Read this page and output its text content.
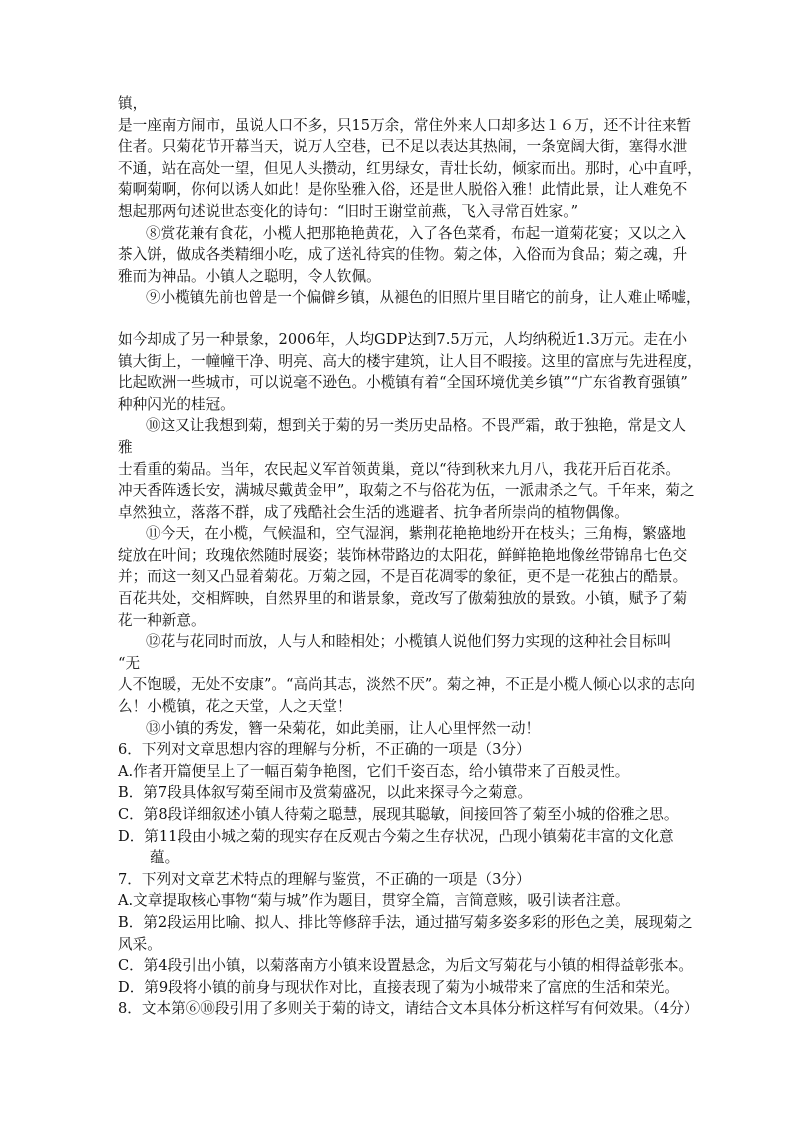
镇，
是一座南方闹市，虽说人口不多，只15万余，常住外来人口却多达１６万，还不计往来暂
住者。只菊花节开幕当天，说万人空巷，已不足以表达其热闹，一条宽阔大街，塞得水泄
不通，站在高处一望，但见人头攒动，红男绿女，青壮长幼，倾家而出。那时，心中直呼，
菊啊菊啊，你何以诱人如此！是你坠雅入俗，还是世人脱俗入雅！此情此景，让人难免不
想起那两句述说世态变化的诗句：“旧时王谢堂前燕，飞入寻常百姓家。”
⑧赏花兼有食花，小榄人把那艳艳黄花，入了各色菜肴，布起一道菊花宴；又以之入
茶入饼，做成各类精细小吃，成了送礼待宾的佳物。菊之体，入俗而为食品；菊之魂，升
雅而为神品。小镇人之聪明，令人钦佩。
⑨小榄镇先前也曾是一个偏僻乡镇，从褪色的旧照片里目睹它的前身，让人难止唏嘘，
如今却成了另一种景象，2006年，人均GDP达到7.5万元，人均纳税近1.3万元。走在小
镇大街上，一幢幢干净、明亮、高大的楼宇建筑，让人目不暇接。这里的富庶与先进程度，
比起欧洲一些城市，可以说毫不逊色。小榄镇有着“全国环境优美乡镇”“广东省教育强镇”
种种闪光的桂冠。
⑩这又让我想到菊，想到关于菊的另一类历史品格。不畏严霜，敢于独艳，常是文人
雅
士看重的菊品。当年，农民起义军首领黄巢，竟以“待到秋来九月八，我花开后百花杀。
冲天香阵透长安，满城尽戴黄金甲”，取菊之不与俗花为伍，一派肃杀之气。千年来，菊之
卓然独立，落落不群，成了残酷社会生活的逃避者、抗争者所崇尚的植物偶像。
⑪今天，在小榄，气候温和，空气湿润，紫荆花艳艳地纷开在枝头；三角梅，繁盛地
绽放在叶间；玫瑰依然随时展姿；装饰林带路边的太阳花，鲜鲜艳艳地像丝带锦帛七色交
并；而这一刻又凸显着菊花。万菊之园，不是百花凋零的象征，更不是一花独占的酷景。
百花共处，交相辉映，自然界里的和谐景象，竟改写了傲菊独放的景致。小镇，赋予了菊
花一种新意。
⑫花与花同时而放，人与人和睦相处；小榄镇人说他们努力实现的这种社会目标叫
“无
人不饱暖，无处不安康”。“高尚其志，淡然不厌”。菊之神，不正是小榄人倾心以求的志向
么！小榄镇，花之天堂，人之天堂！
⑬小镇的秀发，簪一朵菊花，如此美丽，让人心里怦然一动！
6．下列对文章思想内容的理解与分析，不正确的一项是（3分）
A.作者开篇便呈上了一幅百菊争艳图，它们千姿百态，给小镇带来了百般灵性。
B．第7段具体叙写菊至闹市及赏菊盛况，以此来探寻今之菊意。
C．第8段详细叙述小镇人待菊之聪慧，展现其聪敏，间接回答了菊至小城的俗雅之思。
D．第11段由小城之菊的现实存在反观古今菊之生存状况，凸现小镇菊花丰富的文化意
蕴。
7．下列对文章艺术特点的理解与鉴赏，不正确的一项是（3分）
A.文章提取核心事物“菊与城”作为题目，贯穿全篇，言简意赅，吸引读者注意。
B．第2段运用比喻、拟人、排比等修辞手法，通过描写菊多姿多彩的形色之美，展现菊之
风采。
C．第4段引出小镇，以菊落南方小镇来设置悬念，为后文写菊花与小镇的相得益彰张本。
D．第9段将小镇的前身与现状作对比，直接表现了菊为小城带来了富庶的生活和荣光。
8．文本第⑥⑩段引用了多则关于菊的诗文，请结合文本具体分析这样写有何效果。（4分）
